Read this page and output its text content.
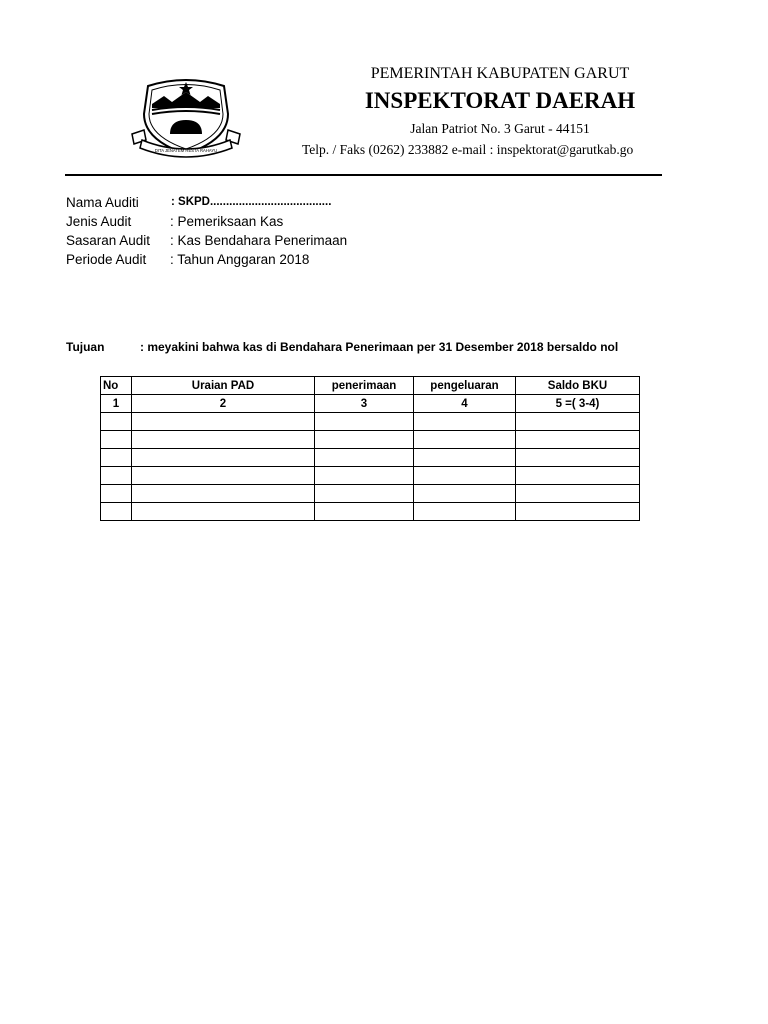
DITA JENATEM RESTA RAHAYU
PEMERINTAH KABUPATEN GARUT
INSPEKTORAT DAERAH
Jalan Patriot No. 3 Garut - 44151
Telp. / Faks (0262) 233882 e-mail : inspektorat@garutkab.go
Nama Auditi	: SKPD......................................
Jenis Audit	: Pemeriksaan Kas
Sasaran Audit	: Kas Bendahara Penerimaan
Periode Audit	: Tahun Anggaran 2018
Tujuan	: meyakini bahwa kas di Bendahara Penerimaan per 31 Desember 2018 bersaldo nol
No	Uraian PAD	penerimaan	pengeluaran	Saldo BKU
1	2	3	4	5 =( 3-4)
